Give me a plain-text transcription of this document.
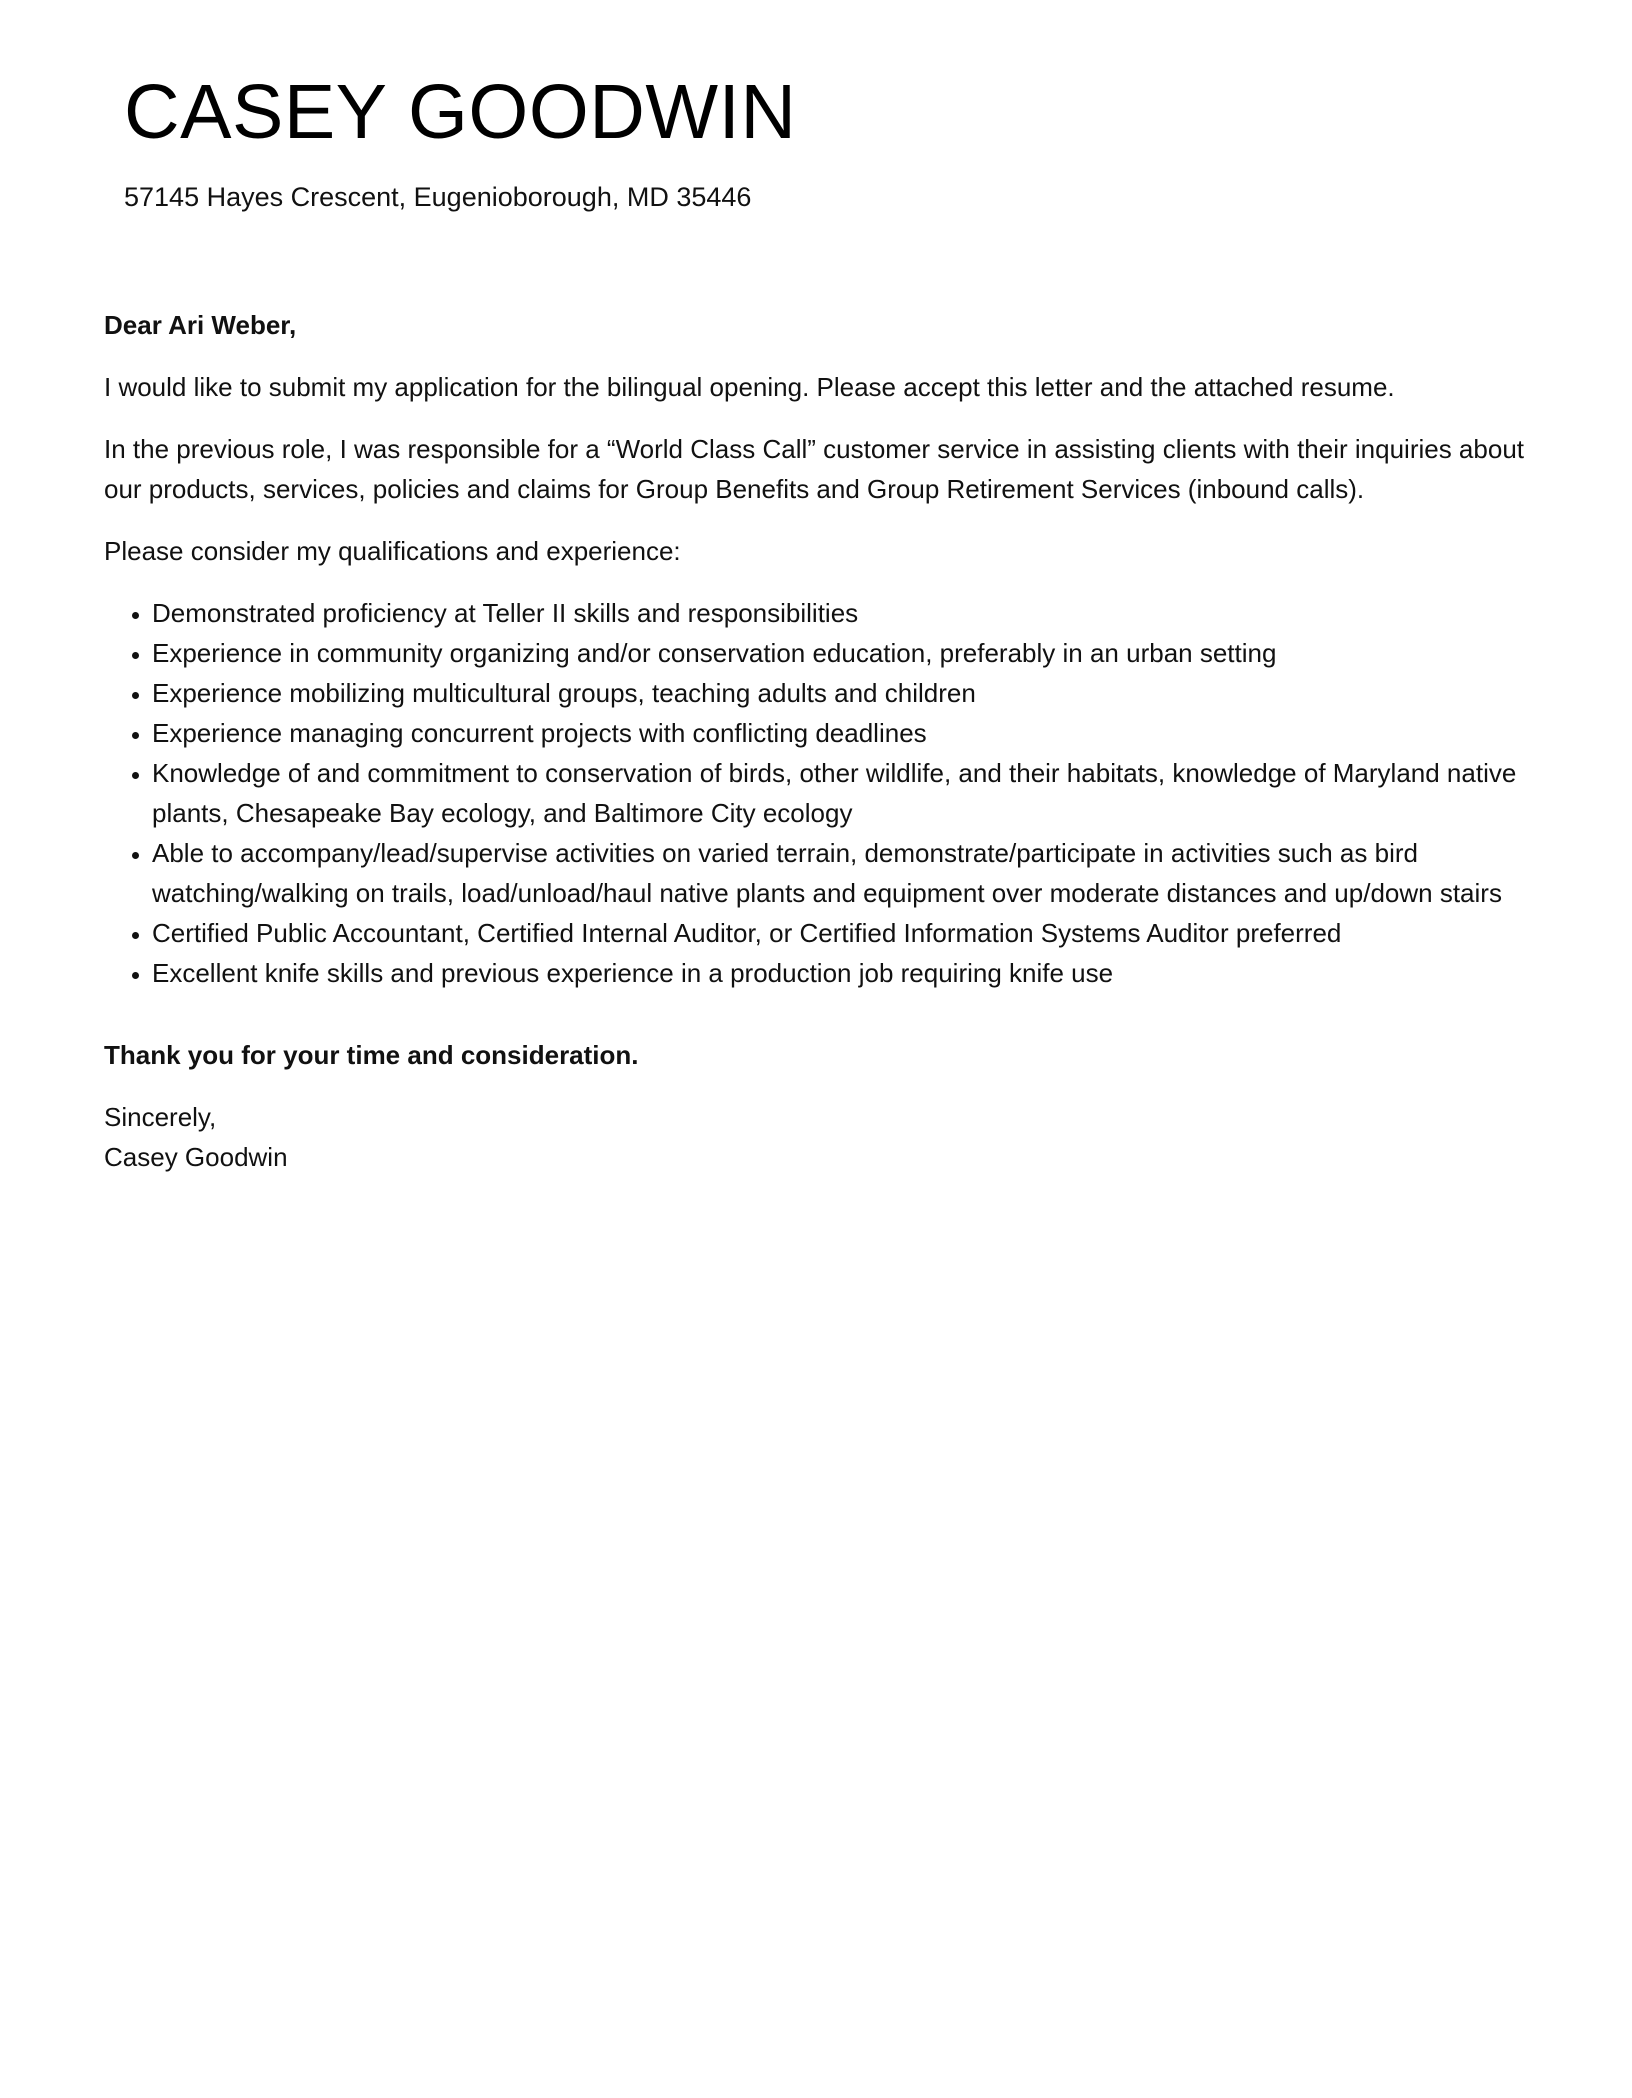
CASEY GOODWIN
57145 Hayes Crescent, Eugenioborough, MD 35446

Dear Ari Weber,

I would like to submit my application for the bilingual opening. Please accept this letter and the attached resume.

In the previous role, I was responsible for a “World Class Call” customer service in assisting clients with their inquiries about our products, services, policies and claims for Group Benefits and Group Retirement Services (inbound calls).

Please consider my qualifications and experience:

• Demonstrated proficiency at Teller II skills and responsibilities
• Experience in community organizing and/or conservation education, preferably in an urban setting
• Experience mobilizing multicultural groups, teaching adults and children
• Experience managing concurrent projects with conflicting deadlines
• Knowledge of and commitment to conservation of birds, other wildlife, and their habitats, knowledge of Maryland native plants, Chesapeake Bay ecology, and Baltimore City ecology
• Able to accompany/lead/supervise activities on varied terrain, demonstrate/participate in activities such as bird watching/walking on trails, load/unload/haul native plants and equipment over moderate distances and up/down stairs
• Certified Public Accountant, Certified Internal Auditor, or Certified Information Systems Auditor preferred
• Excellent knife skills and previous experience in a production job requiring knife use

Thank you for your time and consideration.

Sincerely,
Casey Goodwin
